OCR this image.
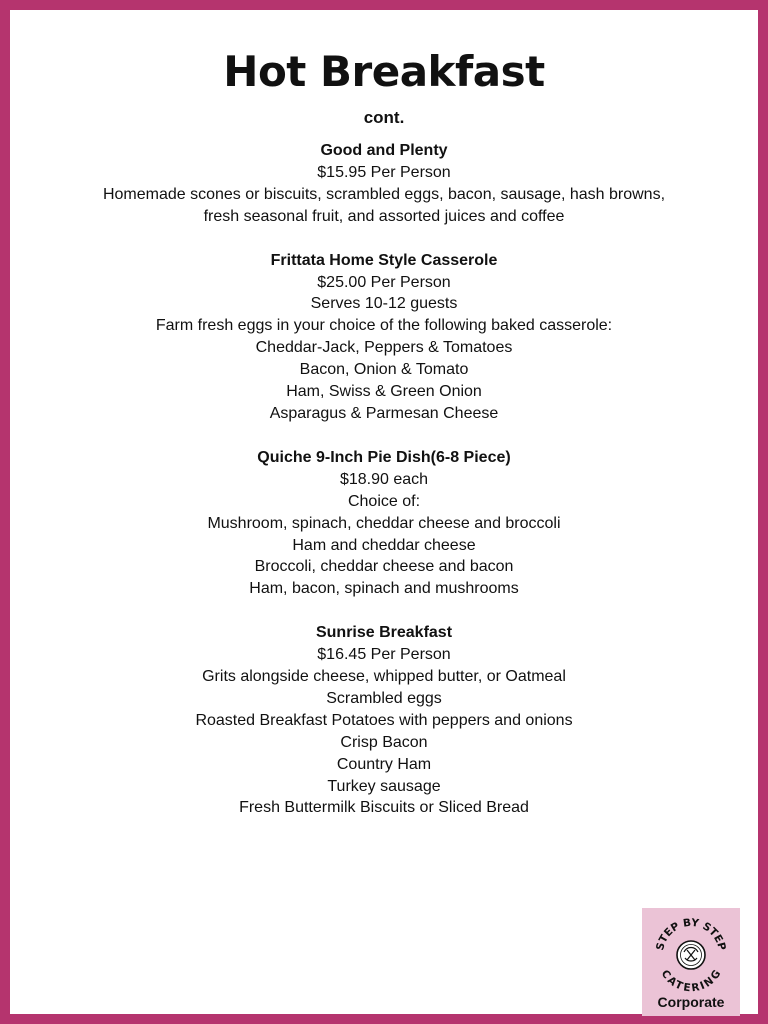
Hot Breakfast
cont.
Good and Plenty
$15.95 Per Person
Homemade scones or biscuits, scrambled eggs, bacon, sausage, hash browns,
fresh seasonal fruit, and assorted juices and coffee
Frittata Home Style Casserole
$25.00 Per Person
Serves 10-12 guests
Farm fresh eggs in your choice of the following baked casserole:
Cheddar-Jack, Peppers & Tomatoes
Bacon, Onion & Tomato
Ham, Swiss & Green Onion
Asparagus & Parmesan Cheese
Quiche 9-Inch Pie Dish(6-8 Piece)
$18.90 each
Choice of:
Mushroom, spinach, cheddar cheese and broccoli
Ham and cheddar cheese
Broccoli, cheddar cheese and bacon
Ham, bacon, spinach and mushrooms
Sunrise Breakfast
$16.45 Per Person
Grits alongside cheese, whipped butter, or Oatmeal
Scrambled eggs
Roasted Breakfast Potatoes with peppers and onions
Crisp Bacon
Country Ham
Turkey sausage
Fresh Buttermilk Biscuits or Sliced Bread
STEP BY STEP
CATERING
Corporate
